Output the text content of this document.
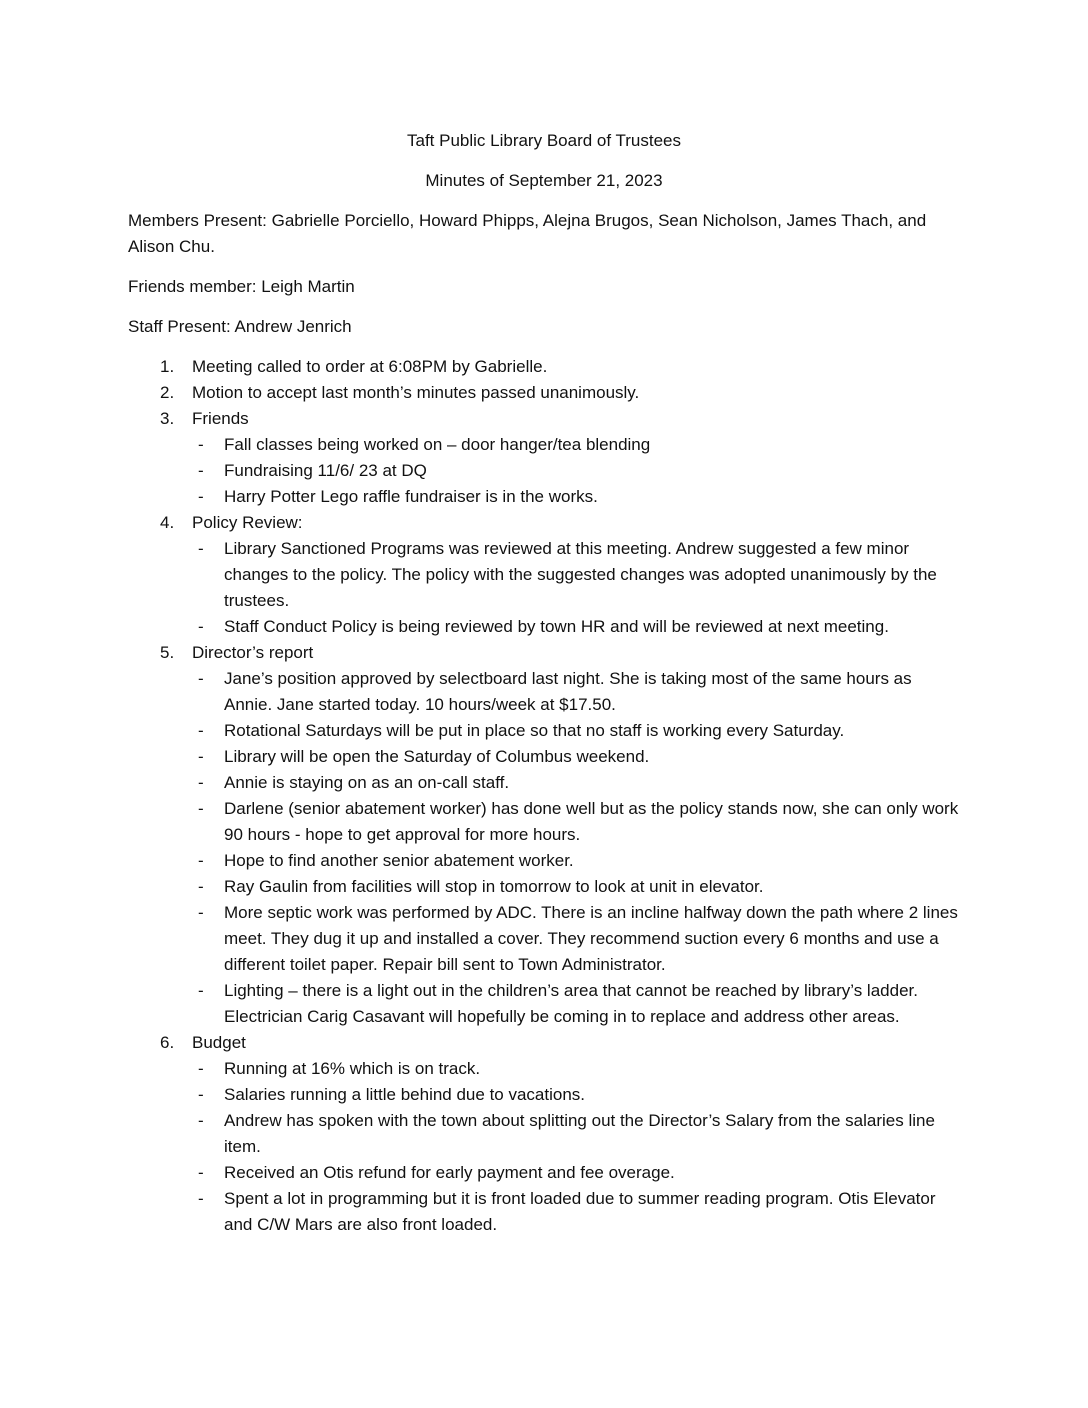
Taft Public Library Board of Trustees

Minutes of September 21, 2023

Members Present: Gabrielle Porciello, Howard Phipps, Alejna Brugos, Sean Nicholson, James Thach, and Alison Chu.

Friends member: Leigh Martin

Staff Present: Andrew Jenrich

1.	Meeting called to order at 6:08PM by Gabrielle.
2.	Motion to accept last month’s minutes passed unanimously.
3.	Friends
- Fall classes being worked on – door hanger/tea blending
- Fundraising 11/6/ 23 at DQ
- Harry Potter Lego raffle fundraiser is in the works.
4.	Policy Review:
- Library Sanctioned Programs was reviewed at this meeting. Andrew suggested a few minor changes to the policy. The policy with the suggested changes was adopted unanimously by the trustees.
- Staff Conduct Policy is being reviewed by town HR and will be reviewed at next meeting.
5.	Director’s report
- Jane’s position approved by selectboard last night. She is taking most of the same hours as Annie. Jane started today. 10 hours/week at $17.50.
- Rotational Saturdays will be put in place so that no staff is working every Saturday.
- Library will be open the Saturday of Columbus weekend.
- Annie is staying on as an on-call staff.
- Darlene (senior abatement worker) has done well but as the policy stands now, she can only work 90 hours - hope to get approval for more hours.
- Hope to find another senior abatement worker.
- Ray Gaulin from facilities will stop in tomorrow to look at unit in elevator.
- More septic work was performed by ADC. There is an incline halfway down the path where 2 lines meet. They dug it up and installed a cover. They recommend suction every 6 months and use a different toilet paper. Repair bill sent to Town Administrator.
- Lighting – there is a light out in the children’s area that cannot be reached by library’s ladder. Electrician Carig Casavant will hopefully be coming in to replace and address other areas.
6.	Budget
- Running at 16% which is on track.
- Salaries running a little behind due to vacations.
- Andrew has spoken with the town about splitting out the Director’s Salary from the salaries line item.
- Received an Otis refund for early payment and fee overage.
- Spent a lot in programming but it is front loaded due to summer reading program. Otis Elevator and C/W Mars are also front loaded.
